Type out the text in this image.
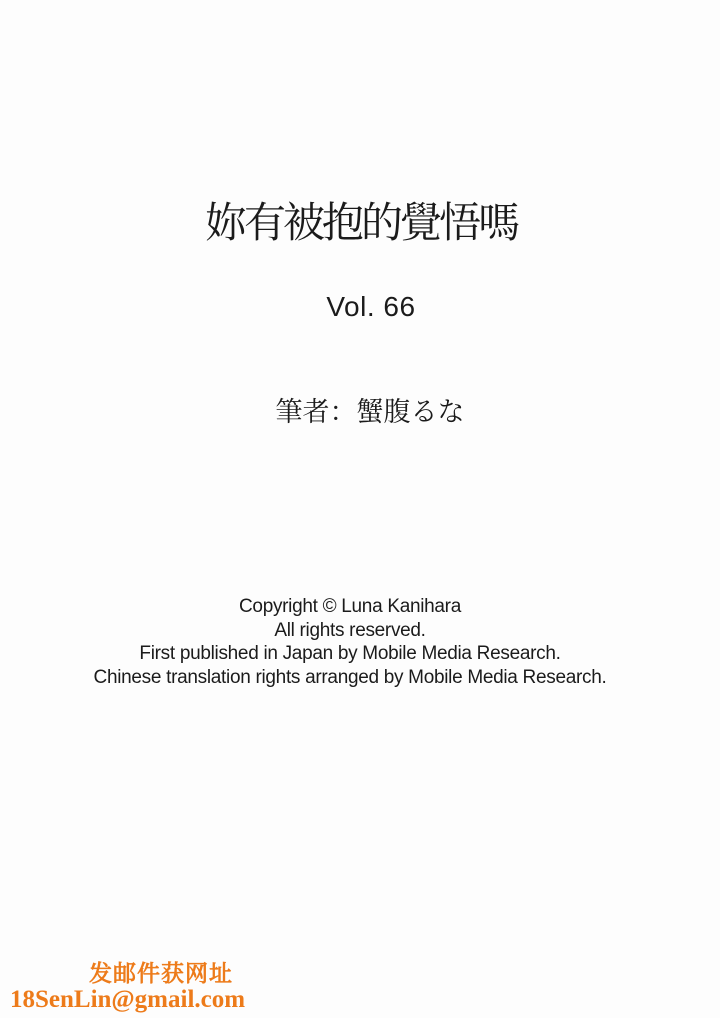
妳有被抱的覺悟嗎
Vol. 66
筆者：蟹腹るな
Copyright © Luna Kanihara
All rights reserved.
First published in Japan by Mobile Media Research.
Chinese translation rights arranged by Mobile Media Research.
发邮件获网址
18SenLin@gmail.com
